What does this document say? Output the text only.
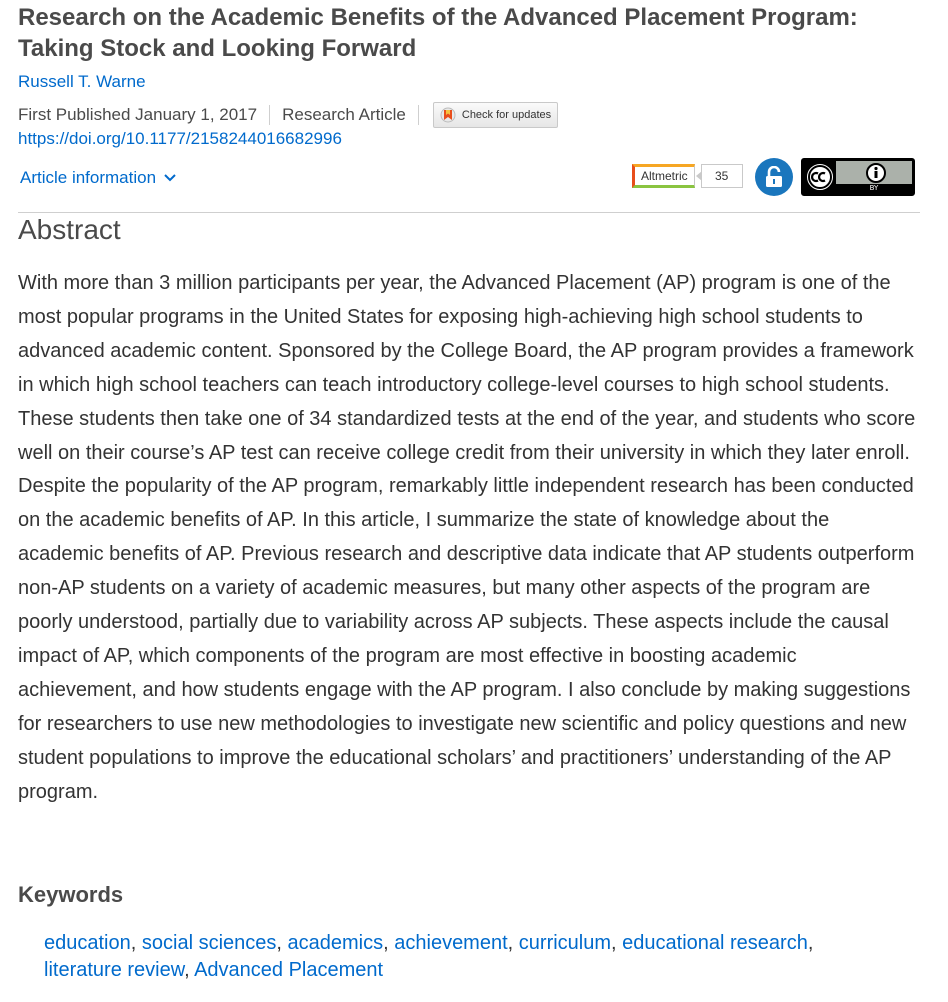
Research on the Academic Benefits of the Advanced Placement Program: Taking Stock and Looking Forward
Russell T. Warne
First Published January 1, 2017 Research Article	Check for updates
https://doi.org/10.1177/2158244016682996
Article information	Altmetric	35
BY
Abstract

With more than 3 million participants per year, the Advanced Placement (AP) program is one of the most popular programs in the United States for exposing high-achieving high school students to advanced academic content. Sponsored by the College Board, the AP program provides a framework in which high school teachers can teach introductory college-level courses to high school students. These students then take one of 34 standardized tests at the end of the year, and students who score well on their course’s AP test can receive college credit from their university in which they later enroll. Despite the popularity of the AP program, remarkably little independent research has been conducted on the academic benefits of AP. In this article, I summarize the state of knowledge about the academic benefits of AP. Previous research and descriptive data indicate that AP students outperform non-AP students on a variety of academic measures, but many other aspects of the program are poorly understood, partially due to variability across AP subjects. These aspects include the causal impact of AP, which components of the program are most effective in boosting academic achievement, and how students engage with the AP program. I also conclude by making suggestions for researchers to use new methodologies to investigate new scientific and policy questions and new student populations to improve the educational scholars’ and practitioners’ understanding of the AP program.

Keywords
education, social sciences, academics, achievement, curriculum, educational research,
literature review, Advanced Placement
